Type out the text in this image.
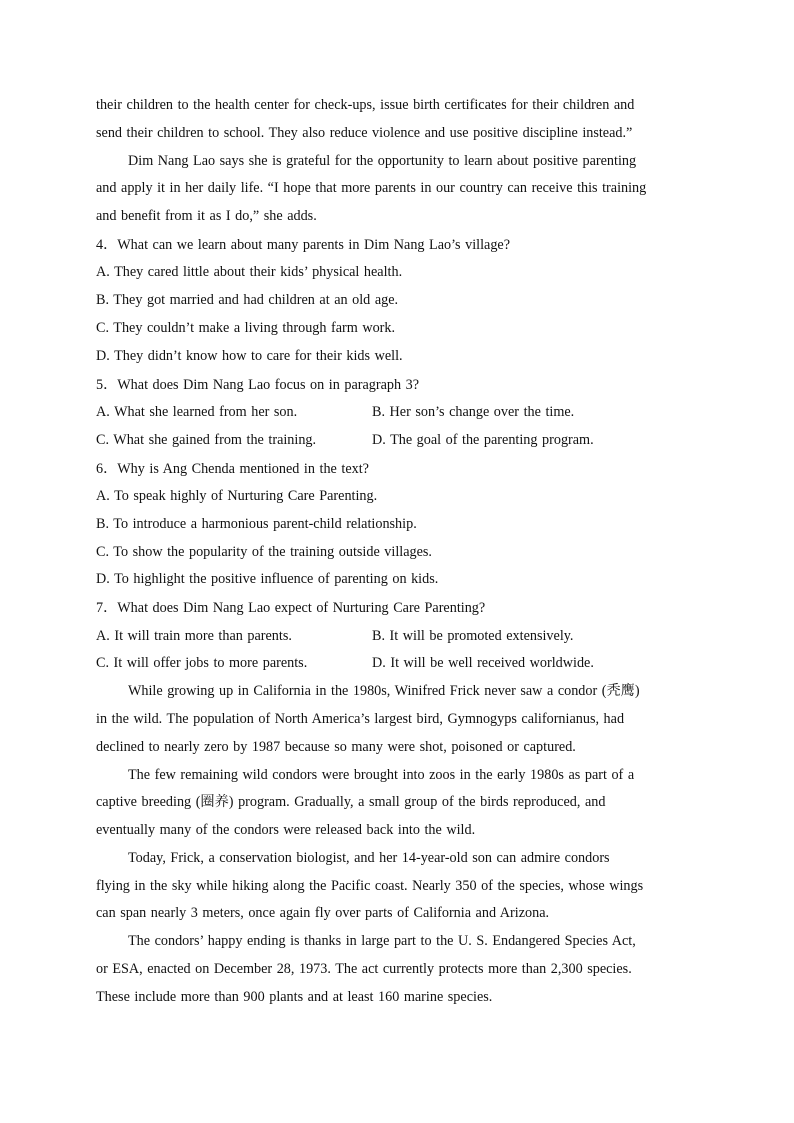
their children to the health center for check-ups, issue birth certificates for their children and
send their children to school. They also reduce violence and use positive discipline instead.”
Dim Nang Lao says she is grateful for the opportunity to learn about positive parenting
and apply it in her daily life. “I hope that more parents in our country can receive this training
and benefit from it as I do,” she adds.
4．What can we learn about many parents in Dim Nang Lao’s village?
A. They cared little about their kids’ physical health.
B. They got married and had children at an old age.
C. They couldn’t make a living through farm work.
D. They didn’t know how to care for their kids well.
5．What does Dim Nang Lao focus on in paragraph 3?
A. What she learned from her son.	B. Her son’s change over the time.
C. What she gained from the training.	D. The goal of the parenting program.
6．Why is Ang Chenda mentioned in the text?
A. To speak highly of Nurturing Care Parenting.
B. To introduce a harmonious parent-child relationship.
C. To show the popularity of the training outside villages.
D. To highlight the positive influence of parenting on kids.
7．What does Dim Nang Lao expect of Nurturing Care Parenting?
A. It will train more than parents.	B. It will be promoted extensively.
C. It will offer jobs to more parents.	D. It will be well received worldwide.
While growing up in California in the 1980s, Winifred Frick never saw a condor (秃鹰)
in the wild. The population of North America’s largest bird, Gymnogyps californianus, had
declined to nearly zero by 1987 because so many were shot, poisoned or captured.
The few remaining wild condors were brought into zoos in the early 1980s as part of a
captive breeding (圈养) program. Gradually, a small group of the birds reproduced, and
eventually many of the condors were released back into the wild.
Today, Frick, a conservation biologist, and her 14-year-old son can admire condors
flying in the sky while hiking along the Pacific coast. Nearly 350 of the species, whose wings
can span nearly 3 meters, once again fly over parts of California and Arizona.
The condors’ happy ending is thanks in large part to the U. S. Endangered Species Act,
or ESA, enacted on December 28, 1973. The act currently protects more than 2,300 species.
These include more than 900 plants and at least 160 marine species.
